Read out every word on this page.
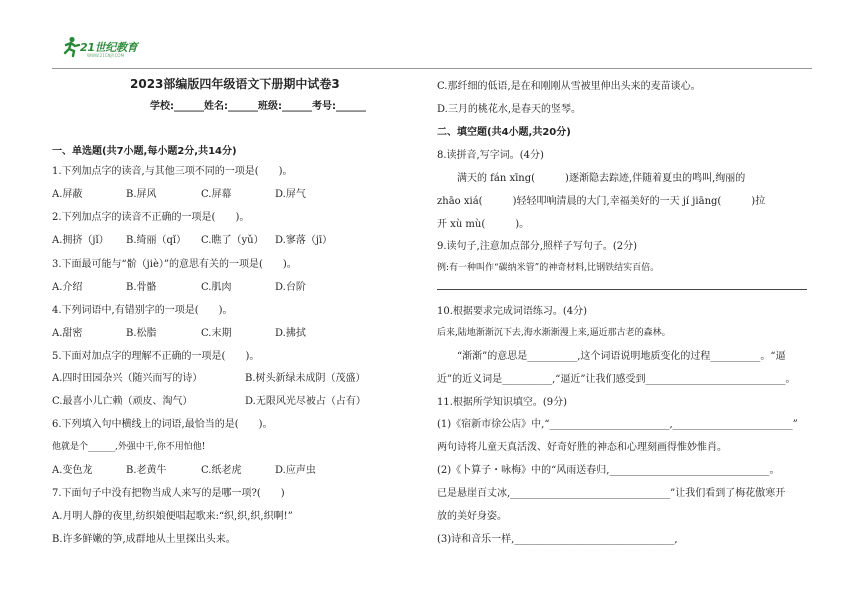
21世纪教育
WWW.21CNJY.COM
2023部编版四年级语文下册期中试卷3
学校:______姓名:______班级:______考号:______
一、单选题(共7小题,每小题2分,共14分)
1.下列加点字的读音,与其他三项不同的一项是(　　)。
A.屏蔽	B.屏风	C.屏幕	D.屏气
2.下列加点字的读音不正确的一项是(　　)。
A.拥挤（jǐ） B.绮丽（qǐ） C.瞧了（yǔ） D.寥落（jī）
3.下面最可能与“骱（jiè）”的意思有关的一项是(　　)。
A.介绍	B.骨骼	C.肌肉	D.台阶
4.下列词语中,有错别字的一项是(　　)。
A.甜密	B.松脂	C.末期	D.拂拭
5.下面对加点字的理解不正确的一项是(　　)。
A.四时田园杂兴（随兴而写的诗）	B.树头新绿未成阴（茂盛）
C.最喜小儿亡赖（顽皮、淘气）	D.无限风光尽被占（占有）
6.下列填入句中横线上的词语,最恰当的是(　　)。
他就是个______,外强中干,你不用怕他!
A.变色龙	B.老黄牛	C.纸老虎	D.应声虫
7.下面句子中没有把物当成人来写的是哪一项?(　　)
A.月明人静的夜里,纺织娘便唱起歌来:“织,织,织,织啊!”
B.许多鲜嫩的笋,成群地从土里探出头来。
C.那纤细的低语,是在和刚刚从雪被里伸出头来的麦苗谈心。
D.三月的桃花水,是春天的竖琴。
二、填空题(共4小题,共20分)
8.读拼音,写字词。(4分)
满天的 fán xīng(　　　)逐渐隐去踪迹,伴随着夏虫的鸣叫,绚丽的
zhāo xiá(　　　)轻轻叩响清晨的大门,幸福美好的一天 jí jiāng(　　　)拉
开 xù mù(　　　)。
9.读句子,注意加点部分,照样子写句子。(2分)
例:有一种叫作“碳纳米管”的神奇材料,比钢铁结实百倍。
10.根据要求完成词语练习。(4分)
后来,陆地渐渐沉下去,海水渐渐漫上来,逼近那古老的森林。
“渐渐”的意思是__________,这个词语说明地质变化的过程__________。“逼
近”的近义词是__________,“逼近”让我们感受到____________________________。
11.根据所学知识填空。(9分)
(1)《宿新市徐公店》中,“________________________,________________________”
两句诗将儿童天真活泼、好奇好胜的神态和心理刻画得惟妙惟肖。
(2)《卜算子・咏梅》中的“风雨送春归,________________________________。
已是悬崖百丈冰,________________________________”让我们看到了梅花傲寒开
放的美好身姿。
(3)诗和音乐一样,________________________________,
